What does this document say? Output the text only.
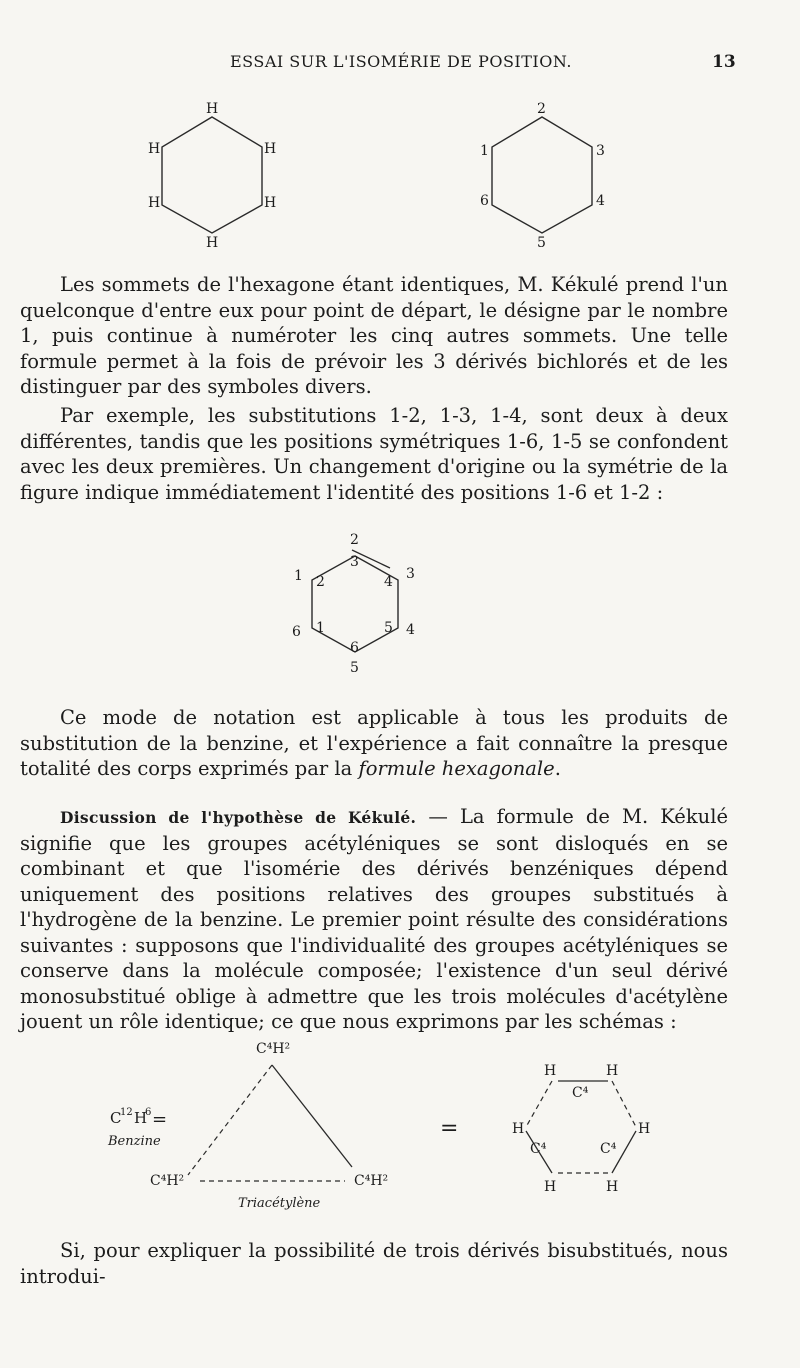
ESSAI SUR L'ISOMÉRIE DE POSITION.	13
H
H	H
H	H
H
2
1	3
6	4
5

Les sommets de l'hexagone étant identiques, M. Kékulé prend l'un quelconque d'entre eux pour point de départ, le désigne par le nombre 1, puis continue à numéroter les cinq autres sommets. Une telle formule permet à la fois de prévoir les 3 dérivés bichlorés et de les distinguer par des symboles divers.

Par exemple, les substitutions 1-2, 1-3, 1-4, sont deux à deux différentes, tandis que les positions symétriques 1-6, 1-5 se confondent avec les deux premières. Un changement d'origine ou la symétrie de la figure indique immédiatement l'identité des positions 1-6 et 1-2 :

2
1	3
6	4
5
3
2	4
1	5
6

Ce mode de notation est applicable à tous les produits de substitution de la benzine, et l'expérience a fait connaître la presque totalité des corps exprimés par la formule hexagonale.

Discussion de l'hypothèse de Kékulé. — La formule de M. Kékulé signifie que les groupes acétyléniques se sont disloqués en se combinant et que l'isomérie des dérivés benzéniques dépend uniquement des positions relatives des groupes substitués à l'hydrogène de la benzine. Le premier point résulte des considérations suivantes : supposons que l'individualité des groupes acétyléniques se conserve dans la molécule composée; l'existence d'un seul dérivé monosubstitué oblige à admettre que les trois molécules d'acétylène jouent un rôle identique; ce que nous exprimons par les schémas :

C
12 H
6 =
Benzine
C⁴H²
C⁴H²	C⁴H²
Triacétylène
=
H	H
H	H
H	H
C⁴
C⁴	C⁴

Si, pour expliquer la possibilité de trois dérivés bisubstitués, nous introdui-
